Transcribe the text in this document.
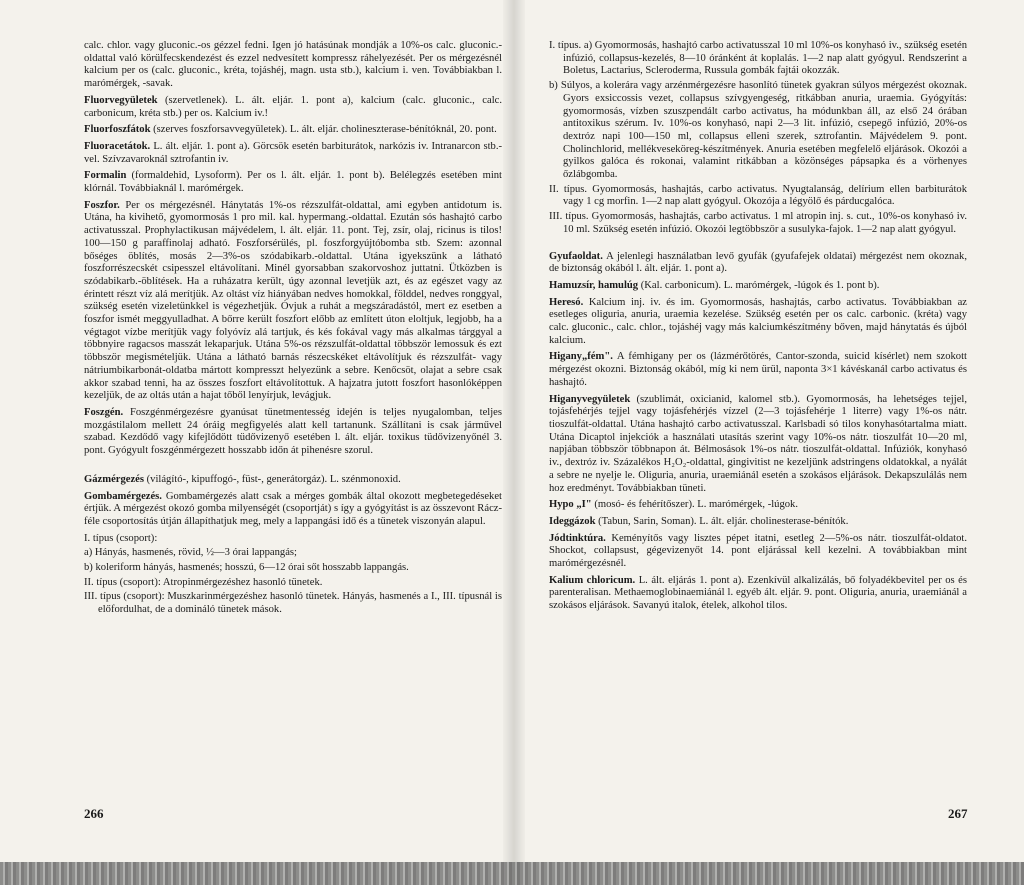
calc. chlor. vagy gluconic.-os gézzel fedni. Igen jó hatásúnak mondják a 10%-os calc. gluconic.-oldattal való körülfecskendezést és ezzel nedvesített kompressz ráhelyezését. Per os mérgezésnél kalcium per os (calc. gluconic., kréta, tojáshéj, magn. usta stb.), kalcium i. ven. Továbbiakban l. marómérgek, -savak.

Fluorvegyületek (szervetlenek). L. ált. eljár. 1. pont a), kalcium (calc. gluconic., calc. carbonicum, kréta stb.) per os. Kalcium iv.!

Fluorfoszfátok (szerves foszforsavvegyületek). L. ált. eljár. cholineszterase-bénítóknál, 20. pont.

Fluoracetátok. L. ált. eljár. 1. pont a). Görcsök esetén barbiturátok, narkózis iv. Intranarcon stb.-vel. Szívzavaroknál sztrofantin iv.

Formalin (formaldehid, Lysoform). Per os l. ált. eljár. 1. pont b). Belélegzés esetében mint klórnál. Továbbiaknál l. marómérgek.

Foszfor. Per os mérgezésnél. Hánytatás 1%-os rézszulfát-oldattal, ami egyben antidotum is. Utána, ha kivihető, gyomormosás 1 pro mil. kal. hypermang.-oldattal. Ezután sós hashajtó carbo activatusszal. Prophylactikusan májvédelem, l. ált. eljár. 11. pont. Tej, zsír, olaj, ricinus is tilos! 100—150 g paraffinolaj adható. Foszforsérülés, pl. foszforgyújtóbomba stb. Szem: azonnal bőséges öblítés, mosás 2—3%-os szódabikarb.-oldattal. Utána igyekszünk a látható foszforrészecskét csipesszel eltávolítani. Minél gyorsabban szakorvoshoz juttatni. Ütközben is szódabikarb.-öblítések. Ha a ruházatra került, úgy azonnal levetjük azt, és az egészet vagy az érintett részt víz alá merítjük. Az oltást víz hiányában nedves homokkal, földdel, nedves ronggyal, szükség esetén vizeletünkkel is végezhetjük. Óvjuk a ruhát a megszáradástól, mert ez esetben a foszfor ismét meggyulladhat. A bőrre került foszfort előbb az említett úton eloltjuk, legjobb, ha a végtagot vízbe merítjük vagy folyóvíz alá tartjuk, és kés fokával vagy más alkalmas tárggyal a többnyire ragacsos masszát lekaparjuk. Utána 5%-os rézszulfát-oldattal többször lemossuk és ezt többször megismételjük. Utána a látható barnás részecskéket eltávolítjuk és rézszulfát- vagy nátriumbikarbonát-oldatba mártott kompresszt helyezünk a sebre. Kenőcsöt, olajat a sebre csak akkor szabad tenni, ha az összes foszfort eltávolítottuk. A hajzatra jutott foszfort hasonlóképpen kezeljük, de az oltás után a hajat tőből lenyírjuk, levágjuk.

Foszgén. Foszgénmérgezésre gyanúsat tünetmentesség idején is teljes nyugalomban, teljes mozgástilalom mellett 24 óráig megfigyelés alatt kell tartanunk. Szállítani is csak járművel szabad. Kezdődő vagy kifejlődött tüdővizenyő esetében l. ált. eljár. toxikus tüdővizenyőnél 3. pont. Gyógyult foszgénmérgezett hosszabb időn át pihenésre szorul.

Gázmérgezés (világító-, kipuffogó-, füst-, generátorgáz). L. szénmonoxid.

Gombamérgezés. Gombamérgezés alatt csak a mérges gombák által okozott megbetegedéseket értjük. A mérgezést okozó gomba milyenségét (csoportját) s így a gyógyítást is az összevont Rácz-féle csoportosítás útján állapíthatjuk meg, mely a lappangási idő és a tünetek viszonyán alapul.

I. típus (csoport):

a) Hányás, hasmenés, rövid, ½—3 órai lappangás;

b) koleriform hányás, hasmenés; hosszú, 6—12 órai sőt hosszabb lappangás.

II. típus (csoport): Atropinmérgezéshez hasonló tünetek.

III. típus (csoport): Muszkarinmérgezéshez hasonló tünetek. Hányás, hasmenés a I., III. típusnál is előfordulhat, de a domináló tünetek mások.

266

I. típus. a) Gyomormosás, hashajtó carbo activatusszal 10 ml 10%-os konyhasó iv., szükség esetén infúzió, collapsus-kezelés, 8—10 óránként át koplalás. 1—2 nap alatt gyógyul. Rendszerint a Boletus, Lactarius, Scleroderma, Russula gombák fajtái okozzák.

b) Súlyos, a kolerára vagy arzénmérgezésre hasonlító tünetek gyakran súlyos mérgezést okoznak. Gyors exsiccossis vezet, collapsus szívgyengeség, ritkábban anuria, uraemia. Gyógyítás: gyomormosás, vízben szuszpendált carbo activatus, ha módunkban áll, az első 24 órában antitoxikus szérum. Iv. 10%-os konyhasó, napi 2—3 lit. infúzió, csepegő infúzió, 20%-os dextróz napi 100—150 ml, collapsus elleni szerek, sztrofantin. Májvédelem 9. pont. Cholinchlorid, mellékveseköreg-készítmények. Anuria esetében megfelelő eljárások. Okozói a gyilkos galóca és rokonai, valamint ritkábban a közönséges pápsapka és a vörhenyes őzlábgomba.

II. típus. Gyomormosás, hashajtás, carbo activatus. Nyugtalanság, delírium ellen barbiturátok vagy 1 cg morfin. 1—2 nap alatt gyógyul. Okozója a légyölő és párducgalóca.

III. típus. Gyomormosás, hashajtás, carbo activatus. 1 ml atropin inj. s. cut., 10%-os konyhasó iv. 10 ml. Szükség esetén infúzió. Okozói legtöbbször a susulyka-fajok. 1—2 nap alatt gyógyul.

Gyufaoldat. A jelenlegi használatban levő gyufák (gyufafejek oldatai) mérgezést nem okoznak, de biztonság okából l. ált. eljár. 1. pont a).

Hamuzsír, hamulúg (Kal. carbonicum). L. marómérgek, -lúgok és 1. pont b).

Heresó. Kalcium inj. iv. és im. Gyomormosás, hashajtás, carbo activatus. Továbbiakban az esetleges oliguria, anuria, uraemia kezelése. Szükség esetén per os calc. carbonic. (kréta) vagy calc. gluconic., calc. chlor., tojáshéj vagy más kalciumkészítmény bőven, majd hánytatás és újból kalcium.

Higany„fém". A fémhigany per os (lázmérőtörés, Cantor-szonda, suicid kísérlet) nem szokott mérgezést okozni. Biztonság okából, míg ki nem ürül, naponta 3×1 kávéskanál carbo activatus és hashajtó.

Higanyvegyületek (szublimát, oxicianid, kalomel stb.). Gyomormosás, ha lehetséges tejjel, tojásfehérjés tejjel vagy tojásfehérjés vízzel (2—3 tojásfehérje 1 literre) vagy 1%-os nátr. tioszulfát-oldattal. Utána hashajtó carbo activatusszal. Karlsbadi só tilos konyhasótartalma miatt. Utána Dicaptol injekciók a használati utasítás szerint vagy 10%-os nátr. tioszulfát 10—20 ml, napjában többször többnapon át. Bélmosások 1%-os nátr. tioszulfát-oldattal. Infúziók, konyhasó iv., dextróz iv. Százalékos H₂O₂-oldattal, gingivitist ne kezeljünk adstringens oldatokkal, a nyálát a sebre ne nyelje le. Oliguria, anuria, uraemiánál esetén a szokásos eljárások. Dekapszulálás nem hoz eredményt. Továbbiakban tüneti.

Hypo „I" (mosó- és fehérítőszer). L. marómérgek, -lúgok.

Ideggázok (Tabun, Sarin, Soman). L. ált. eljár. cholinesterase-bénítók.

Jódtinktúra. Keményítős vagy lisztes pépet itatni, esetleg 2—5%-os nátr. tioszulfát-oldatot. Shockot, collapsust, gégevizenyőt 14. pont eljárással kell kezelni. A továbbiakban mint marómérgezésnél.

Kalium chloricum. L. ált. eljárás 1. pont a). Ezenkívül alkalizálás, bő folyadékbevitel per os és parenteralisan. Methaemoglobinaemiánál l. egyéb ált. eljár. 9. pont. Oliguria, anuria, uraemiánál a szokásos eljárások. Savanyú italok, ételek, alkohol tilos.

267
